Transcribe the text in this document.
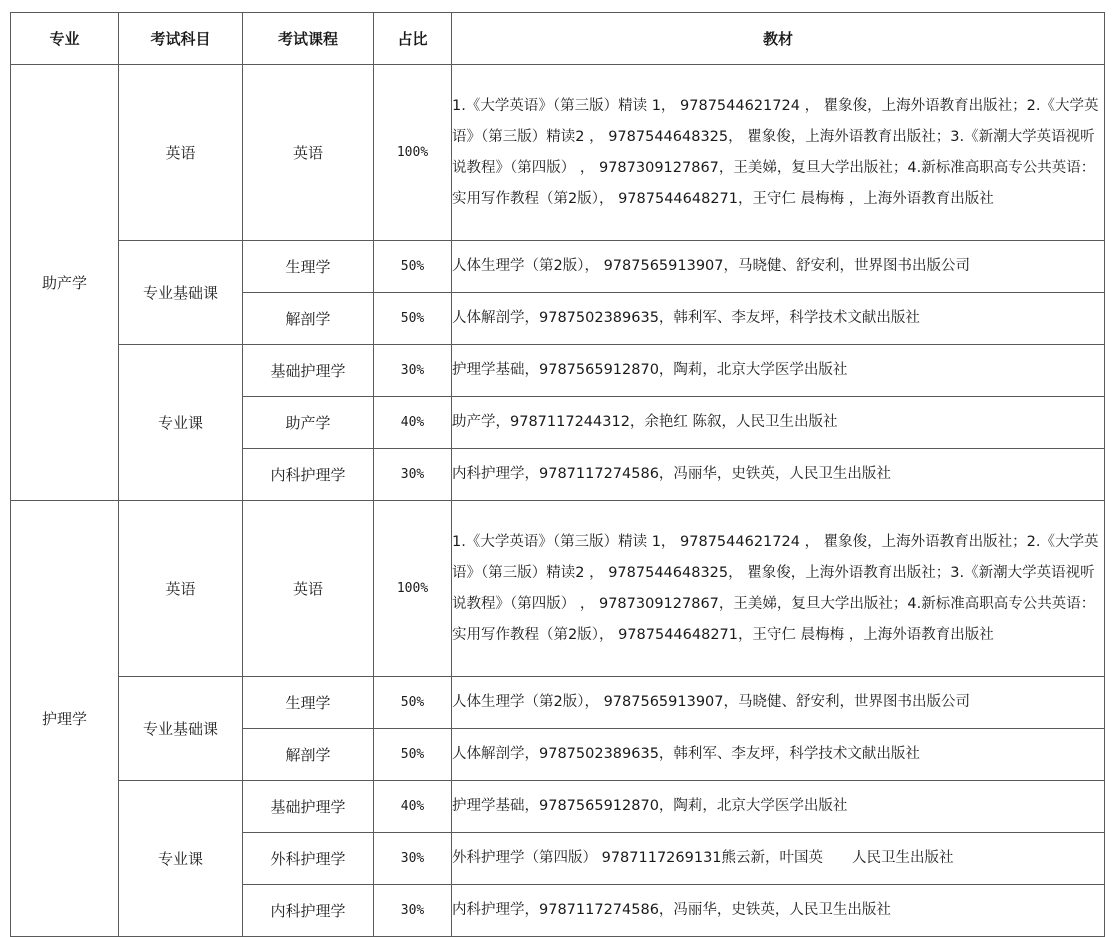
专业	考试科目	考试课程	占比	教材
助产学	英语	英语	100%	1.《大学英语》（第三版）精读 1， 9787544621724 ， 瞿象俊，上海外语教育出版社；2.《大学英语》（第三版）精读2 ， 9787544648325， 瞿象俊，上海外语教育出版社；3.《新潮大学英语视听说教程》（第四版） ， 9787309127867，王美娣，复旦大学出版社；4.新标准高职高专公共英语：实用写作教程（第2版）， 9787544648271，王守仁 晨梅梅 ，上海外语教育出版社
	专业基础课	生理学	50%	人体生理学（第2版）， 9787565913907，马晓健、舒安利，世界图书出版公司
		解剖学	50%	人体解剖学，9787502389635，韩利军、李友坪，科学技术文献出版社
	专业课	基础护理学	30%	护理学基础，9787565912870，陶莉，北京大学医学出版社
		助产学	40%	助产学，9787117244312，余艳红 陈叙，人民卫生出版社
		内科护理学	30%	内科护理学，9787117274586，冯丽华，史铁英，人民卫生出版社
护理学	英语	英语	100%	1.《大学英语》（第三版）精读 1， 9787544621724 ， 瞿象俊，上海外语教育出版社；2.《大学英语》（第三版）精读2 ， 9787544648325， 瞿象俊，上海外语教育出版社；3.《新潮大学英语视听说教程》（第四版） ， 9787309127867，王美娣，复旦大学出版社；4.新标准高职高专公共英语：实用写作教程（第2版）， 9787544648271，王守仁 晨梅梅 ，上海外语教育出版社
	专业基础课	生理学	50%	人体生理学（第2版）， 9787565913907，马晓健、舒安利，世界图书出版公司
		解剖学	50%	人体解剖学，9787502389635，韩利军、李友坪，科学技术文献出版社
	专业课	基础护理学	40%	护理学基础，9787565912870，陶莉，北京大学医学出版社
		外科护理学	30%	外科护理学（第四版） 9787117269131熊云新，叶国英　　人民卫生出版社
		内科护理学	30%	内科护理学，9787117274586，冯丽华，史铁英，人民卫生出版社
